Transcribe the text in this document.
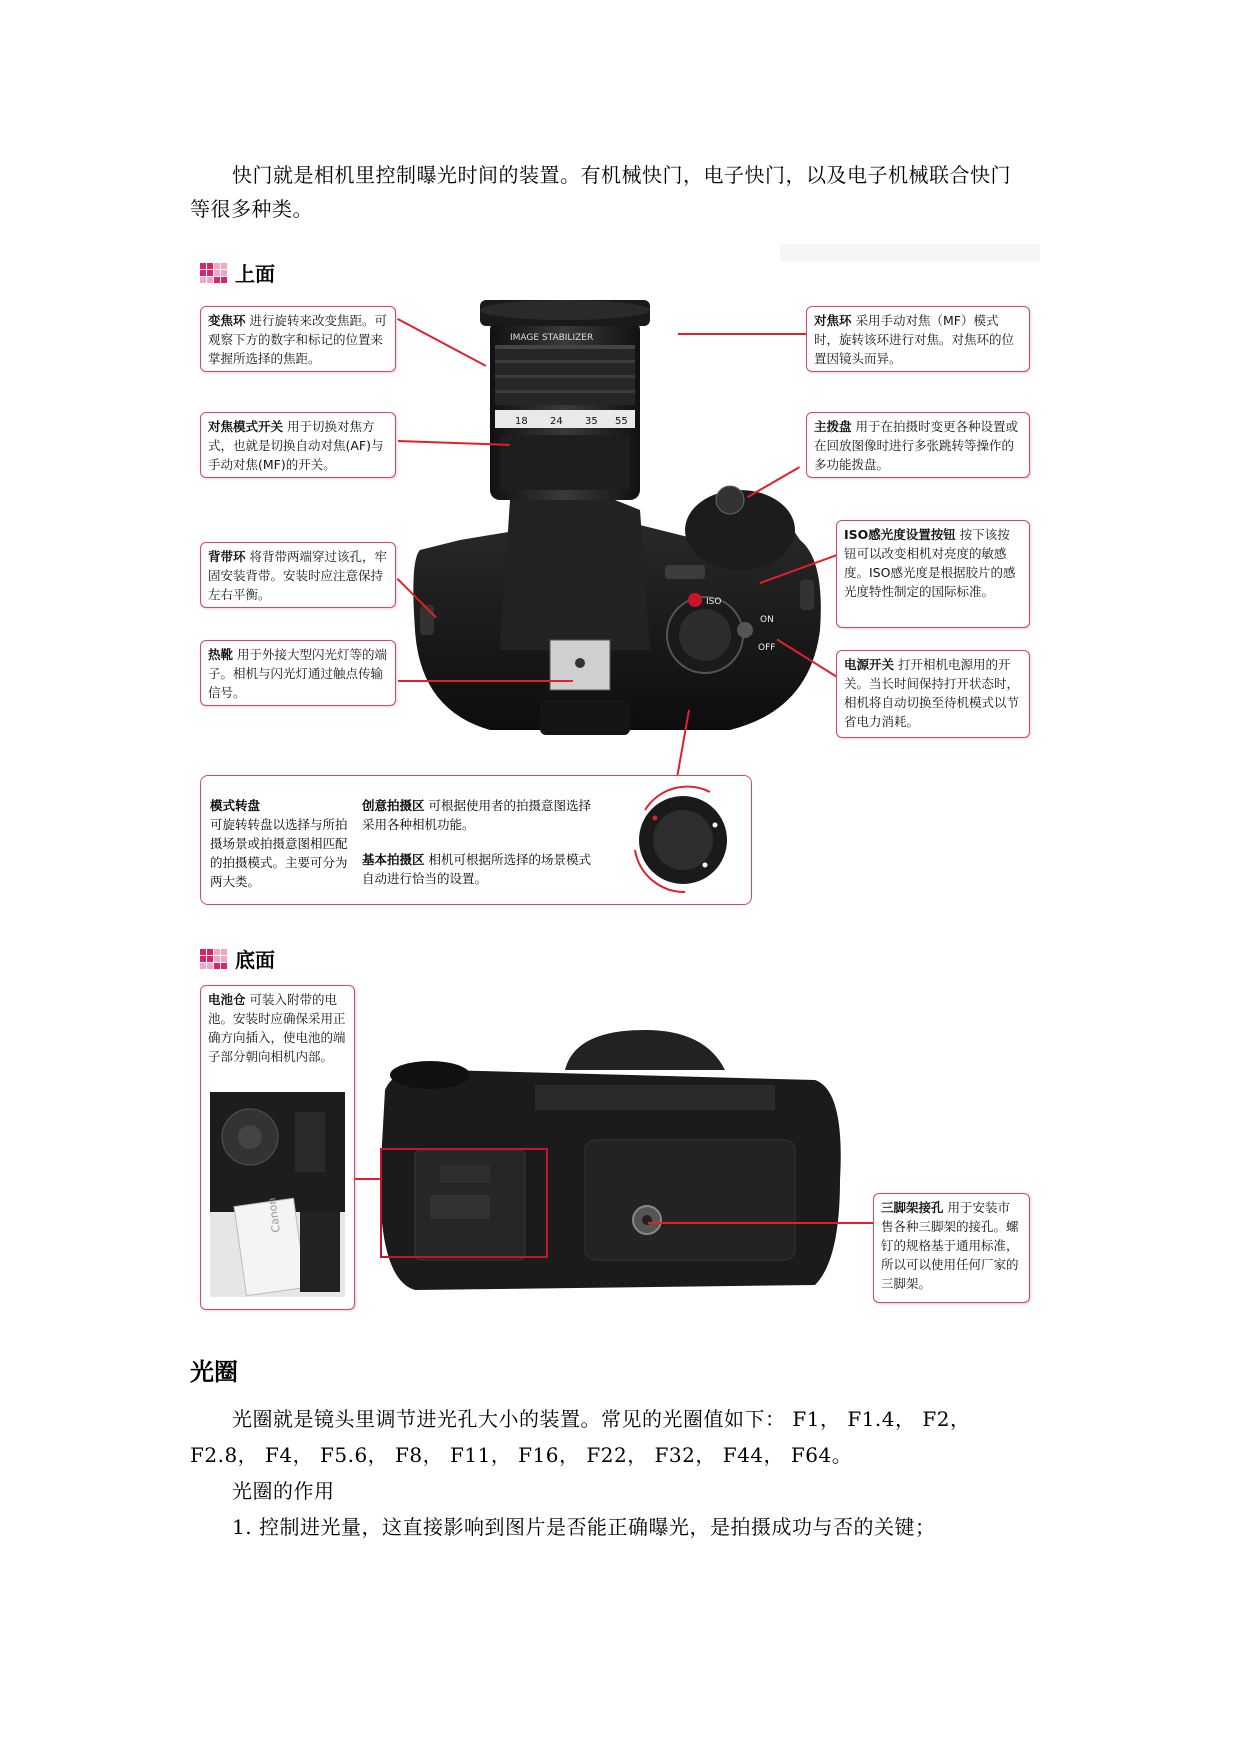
快门就是相机里控制曝光时间的装置。有机械快门，电子快门，以及电子机械联合快门
等很多种类。
上面
IMAGE STABILIZER
18 24 35 55
ISO
ON
OFF
变焦环 进行旋转来改变焦距。可观察下方的数字和标记的位置来掌握所选择的焦距。
对焦模式开关 用于切换对焦方式，也就是切换自动对焦(AF)与手动对焦(MF)的开关。
背带环 将背带两端穿过该孔，牢固安装背带。安装时应注意保持左右平衡。
热靴 用于外接大型闪光灯等的端子。相机与闪光灯通过触点传输信号。
对焦环 采用手动对焦（MF）模式时，旋转该环进行对焦。对焦环的位置因镜头而异。
主拨盘 用于在拍摄时变更各种设置或在回放图像时进行多张跳转等操作的多功能拨盘。
ISO感光度设置按钮 按下该按钮可以改变相机对亮度的敏感度。ISO感光度是根据胶片的感光度特性制定的国际标准。
电源开关 打开相机电源用的开关。当长时间保持打开状态时，相机将自动切换至待机模式以节省电力消耗。
模式转盘
可旋转转盘以选择与所拍摄场景或拍摄意图相匹配的拍摄模式。主要可分为两大类。
创意拍摄区 可根据使用者的拍摄意图选择采用各种相机功能。
基本拍摄区 相机可根据所选择的场景模式自动进行恰当的设置。
底面
电池仓 可装入附带的电池。安装时应确保采用正确方向插入，使电池的端子部分朝向相机内部。
Canon	三脚架接孔 用于安装市售各种三脚架的接孔。螺钉的规格基于通用标准，所以可以使用任何厂家的三脚架。
光圈
光圈就是镜头里调节进光孔大小的装置。常见的光圈值如下： F1， F1.4， F2，
F2.8， F4， F5.6， F8， F11， F16， F22， F32， F44， F64。
光圈的作用
1. 控制进光量，这直接影响到图片是否能正确曝光，是拍摄成功与否的关键；
